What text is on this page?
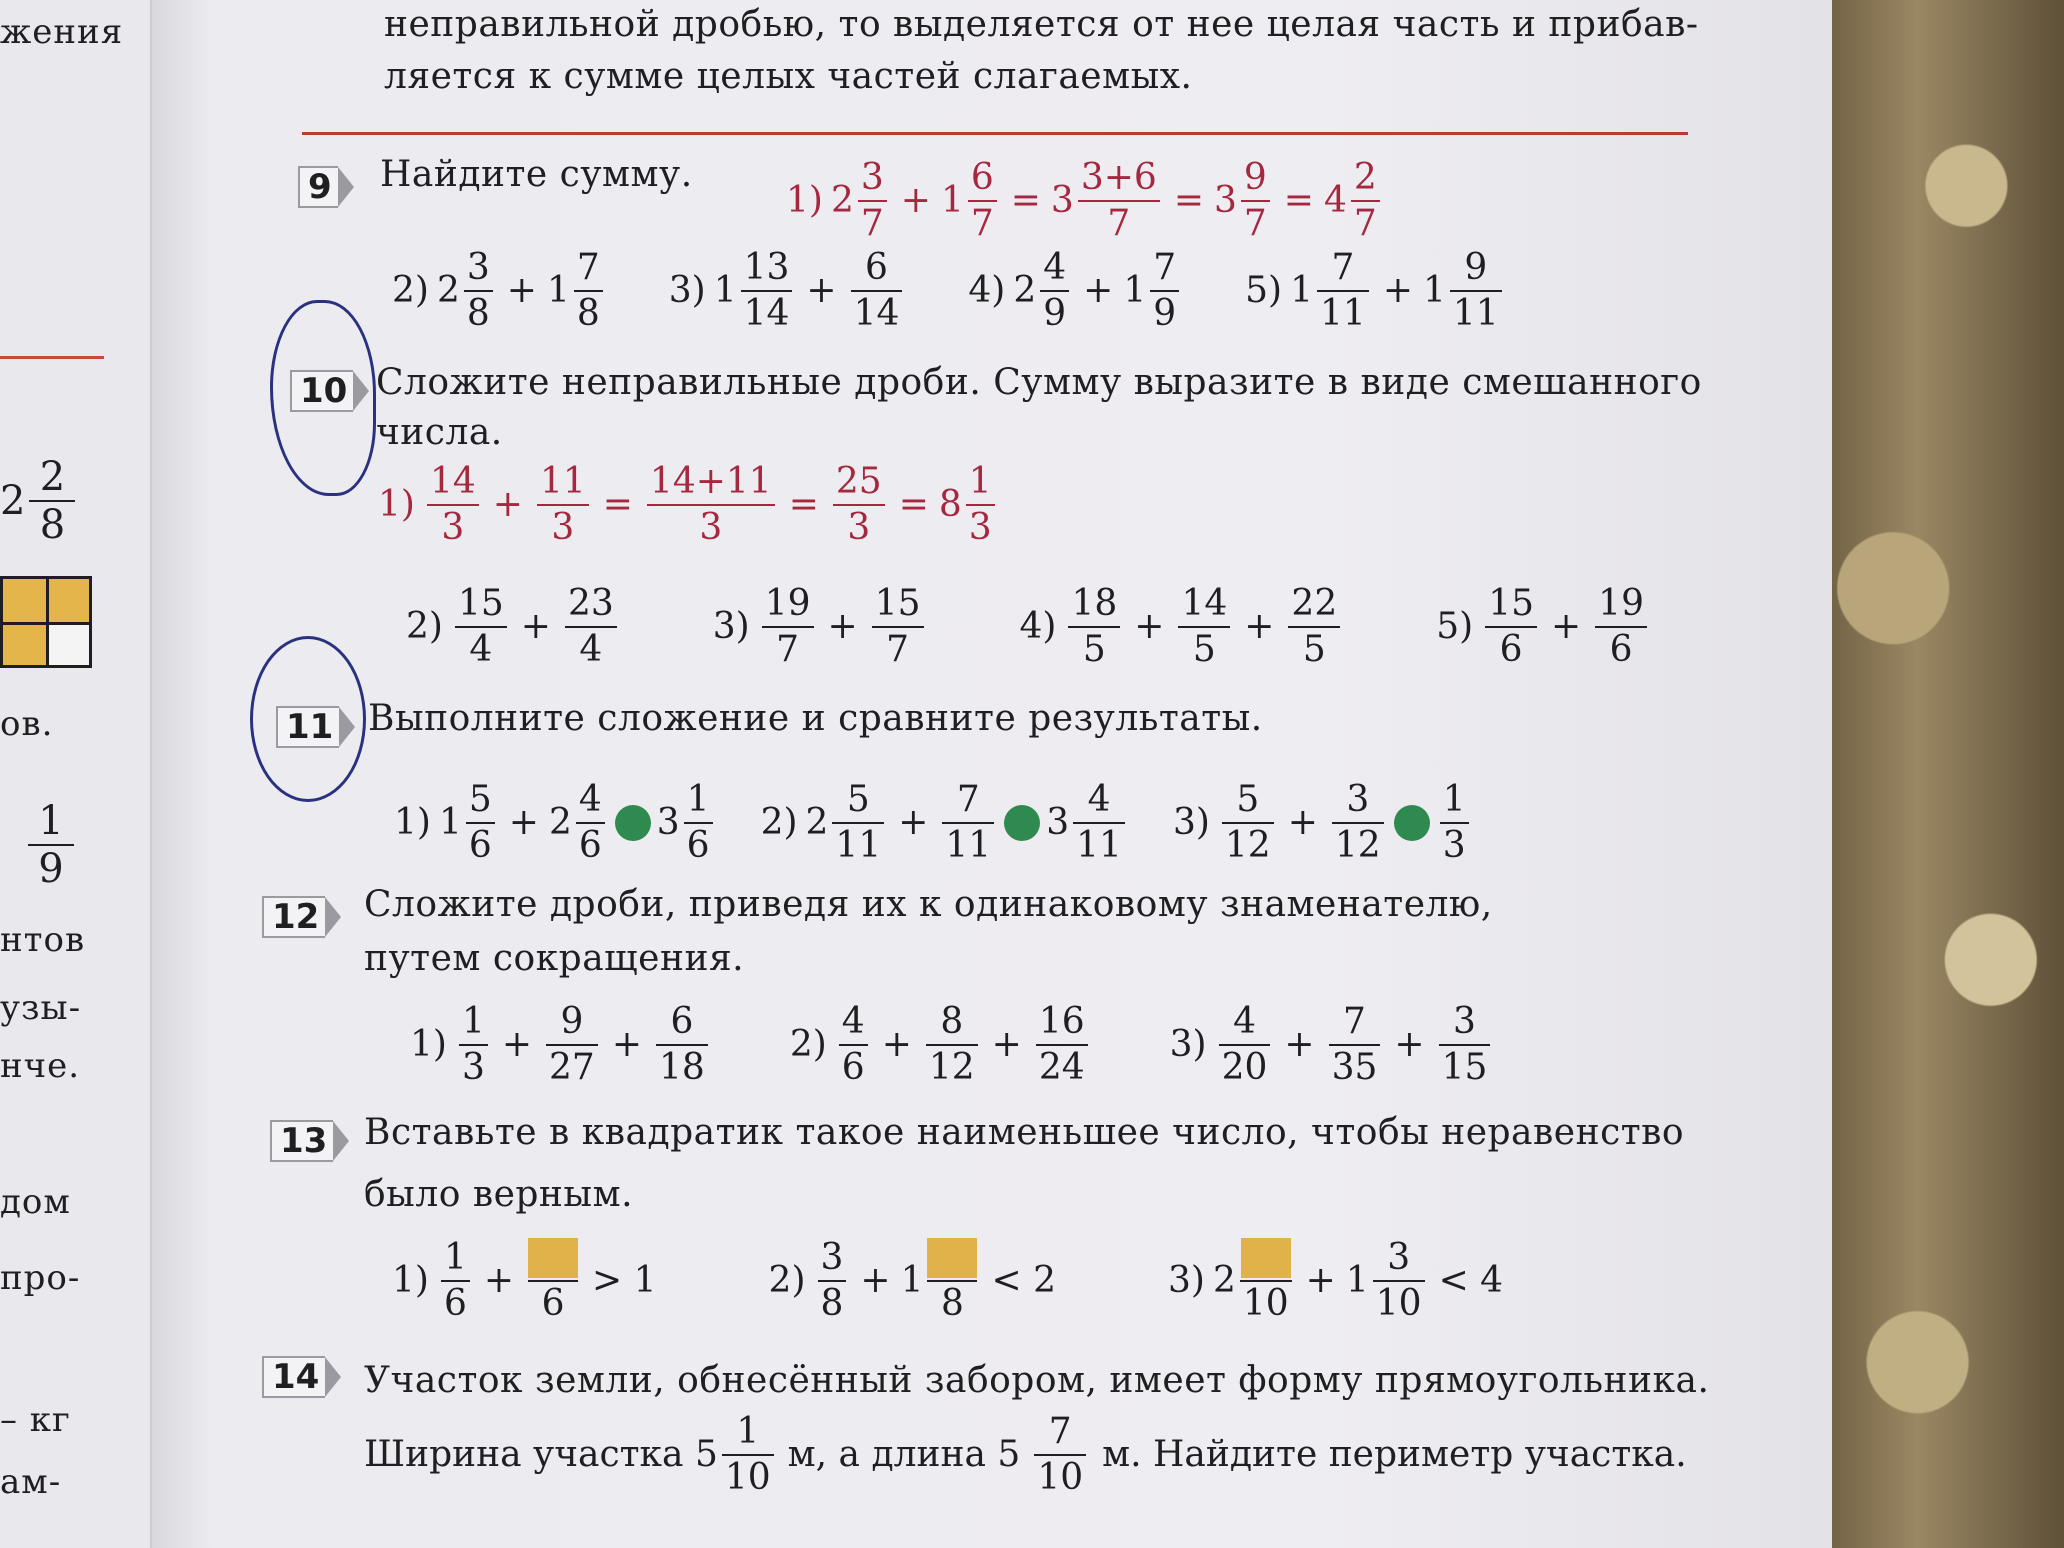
жения
2
2
8
ов.
1
9
нтов
узы-
нче.
дом
про-
– кг
ам-
неправильной дробью, то выделяется от нее целая часть и прибав-
ляется к сумме целых частей слагаемых.
9 Найдите сумму.
1) $2 \frac{3}{7} + 1 \frac{6}{7} = 3 \frac{3+6}{7} = 3 \frac{9}{7} = 4 \frac{2}{7}$
2) $2 \frac{3}{8} + 1 \frac{7}{8} 3$) $1 \frac{13}{14} + \frac{6}{14} 4$) $2 \frac{4}{9} + 1 \frac{7}{9} 5$) $1 \frac{7}{11} + 1 \frac{9}{11}$
10 Сложите неправильные дроби. Сумму выразите в виде смешанного
числа.
$1) \frac{14}{3} + \frac{11}{3} = \frac{14+11}{3} = \frac{25}{3} = 8 \frac{1}{3}$
$2) \frac{15}{4} + \frac{23}{4}$	$3) \frac{19}{7} + \frac{15}{7}$	$4) \frac{18}{5} + \frac{14}{5} + \frac{22}{5}$	$5) \frac{15}{6} + \frac{19}{6}$
11 Выполните сложение и сравните результаты.
1) $1 \frac{5}{6} + 2 \frac{4}{6} 3 \frac{1}{6} 2$) $2 \frac{5}{11} + \frac{7}{11} 3 \frac{4}{11} 3) \frac{5}{12} + \frac{3}{12} \frac{1}{3}$
12 Сложите дроби, приведя их к одинаковому знаменателю,
путем сокращения.
$1) \frac{1}{3} + \frac{9}{27} + \frac{6}{18} 2) \frac{4}{6} + \frac{8}{12} + \frac{16}{24} 3) \frac{4}{20} + \frac{7}{35} + \frac{3}{15}$
13 Вставьте в квадратик такое наименьшее число, чтобы неравенство
было верным.
$1) \frac{1}{6}$ +
6
> 1	$2) \frac{3}{8} + 1$
8
< 2	3) 2
10
+ $1 \frac{3}{10} < 4$
14 Участок земли, обнесённый забором, имеет форму прямоугольника.
Ширина участка $5 \frac{1}{10} м$, а длина $5 \frac{7}{10} м$. Найдите периметр участка.
